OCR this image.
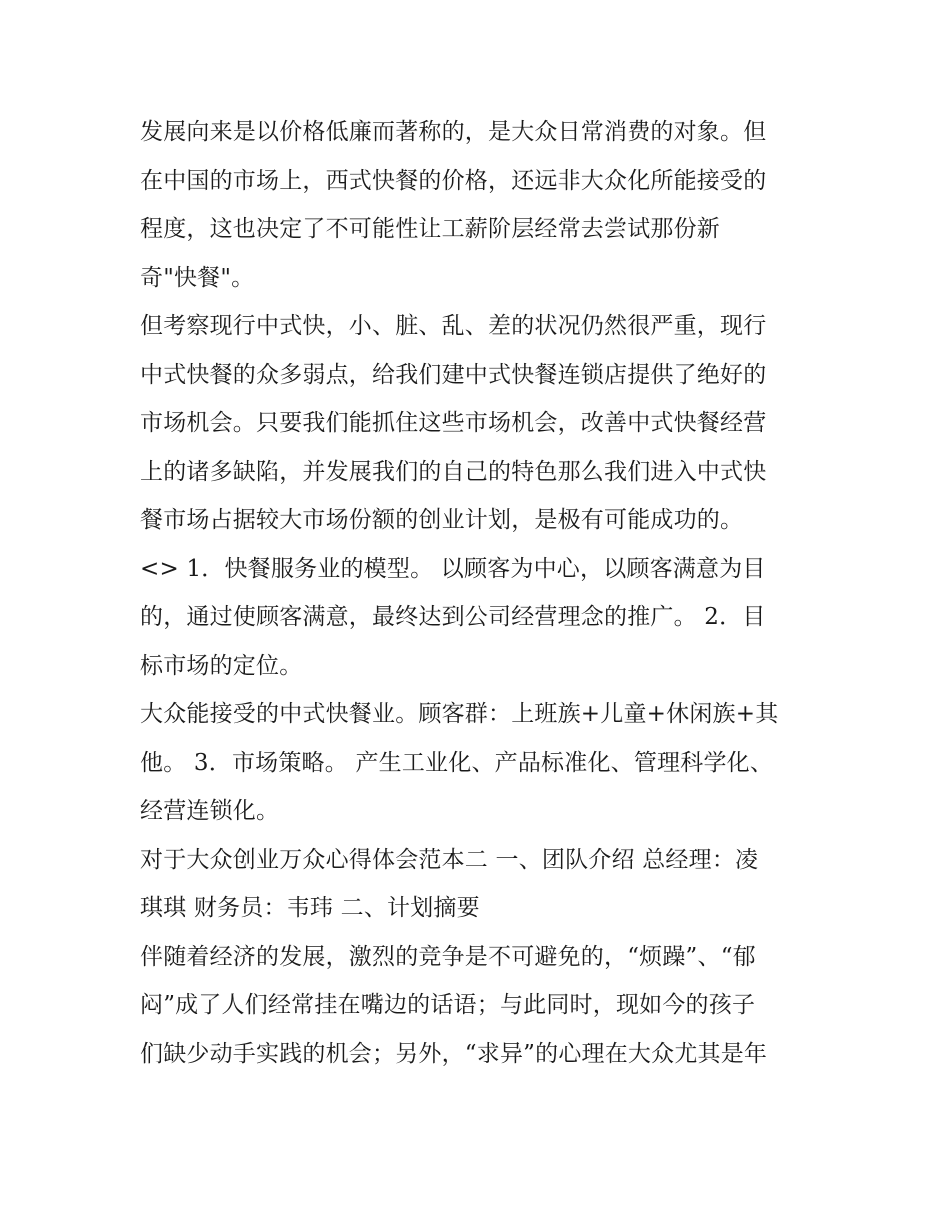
发展向来是以价格低廉而著称的，是大众日常消费的对象。但
在中国的市场上，西式快餐的价格，还远非大众化所能接受的
程度，这也决定了不可能性让工薪阶层经常去尝试那份新
奇"快餐"。
但考察现行中式快，小、脏、乱、差的状况仍然很严重，现行
中式快餐的众多弱点，给我们建中式快餐连锁店提供了绝好的
市场机会。只要我们能抓住这些市场机会，改善中式快餐经营
上的诸多缺陷，并发展我们的自己的特色那么我们进入中式快
餐市场占据较大市场份额的创业计划，是极有可能成功的。
<> 1．快餐服务业的模型。 以顾客为中心，以顾客满意为目
的，通过使顾客满意，最终达到公司经营理念的推广。 2．目
标市场的定位。
大众能接受的中式快餐业。顾客群：上班族+儿童+休闲族+其
他。 3．市场策略。 产生工业化、产品标准化、管理科学化、
经营连锁化。
对于大众创业万众心得体会范本二 一、团队介绍 总经理：凌
琪琪 财务员：韦玮 二、计划摘要
伴随着经济的发展，激烈的竞争是不可避免的，“烦躁”、“郁
闷”成了人们经常挂在嘴边的话语；与此同时，现如今的孩子
们缺少动手实践的机会；另外，“求异”的心理在大众尤其是年
